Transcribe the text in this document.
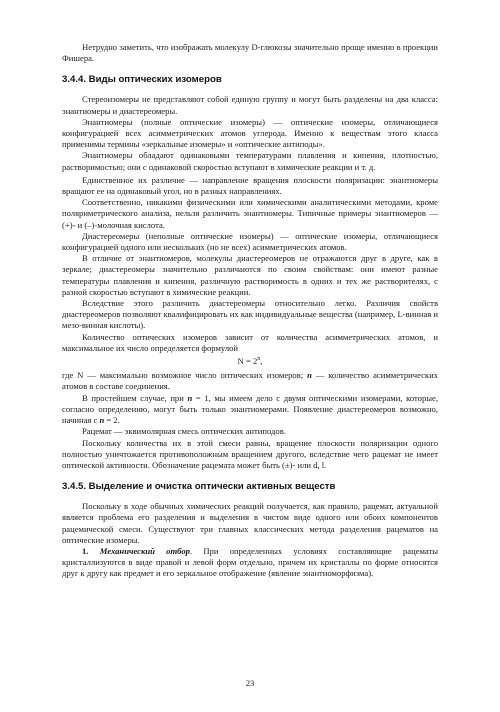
Нетрудно заметить, что изображать молекулу D-глюкозы значительно проще именно в проекции Фишера.

3.4.4. Виды оптических изомеров

Стереоизомеры не представляют собой единую группу и могут быть разделены на два класса: энантиомеры и диастереомеры.

Энантиомеры (полные оптические изомеры) — оптические изомеры, отличающиеся конфигурацией всех асимметрических атомов углерода. Именно к веществам этого класса применимы термины «зеркальные изомеры» и «оптические антиподы».

Энантиомеры обладают одинаковыми температурами плавления и кипения, плотностью, растворимостью; они с одинаковой скоростью вступают в химические реакции и т. д.

Единственное их различие — направление вращения плоскости поляризации: энантиомеры вращают ее на одинаковый угол, но в разных направлениях.

Соответственно, никакими физическими или химическими аналитическими методами, кроме поляриметрического анализа, нельзя различить энантиомеры. Типичные примеры энантиомеров — (+)- и (–)-молочная кислота.

Диастереомеры (неполные оптические изомеры) — оптические изомеры, отличающиеся конфигурацией одного или нескольких (но не всех) асимметрических атомов.

В отличие от энантиомеров, молекулы диастереомеров не отражаются друг в друге, как в зеркале; диастереомеры значительно различаются по своим свойствам: они имеют разные температуры плавления и кипения, различную растворимость в одних и тех же растворителях, с разной скоростью вступают в химические реакции.

Вследствие этого различить диастереомеры относительно легко. Различия свойств диастереомеров позволяют квалифицировать их как индивидуальные вещества (например, L-винная и мезо-винная кислоты).

Количество оптических изомеров зависит от количества асимметрических атомов, и максимальное их число определяется формулой

$N = 2^n$,

где N — максимально возможное число оптических изомеров; n — количество асимметрических атомов в составе соединения.

В простейшем случае, при n = 1, мы имеем дело с двумя оптическими изомерами, которые, согласно определению, могут быть только энантиомерами. Появление диастереомеров возможно, начиная с n = 2.

Рацемат — эквимолярная смесь оптических антиподов.

Поскольку количества их в этой смеси равны, вращение плоскости поляризации одного полностью уничтожается противоположным вращением другого, вследствие чего рацемат не имеет оптической активности. Обозначение рацемата может быть (±)- или d, l.

3.4.5. Выделение и очистка оптически активных веществ

Поскольку в ходе обычных химических реакций получается, как правило, рацемат, актуальной является проблема его разделения и выделения в чистом виде одного или обоих компонентов рацемической смеси. Существуют три главных классических метода разделения рацематов на оптические изомеры.

1. Механический отбор. При определенных условиях составляющие рацематы кристаллизуются в виде правой и левой форм отдельно, причем их кристаллы по форме относятся друг к другу как предмет и его зеркальное отображение (явление энантиоморфизма).

23
